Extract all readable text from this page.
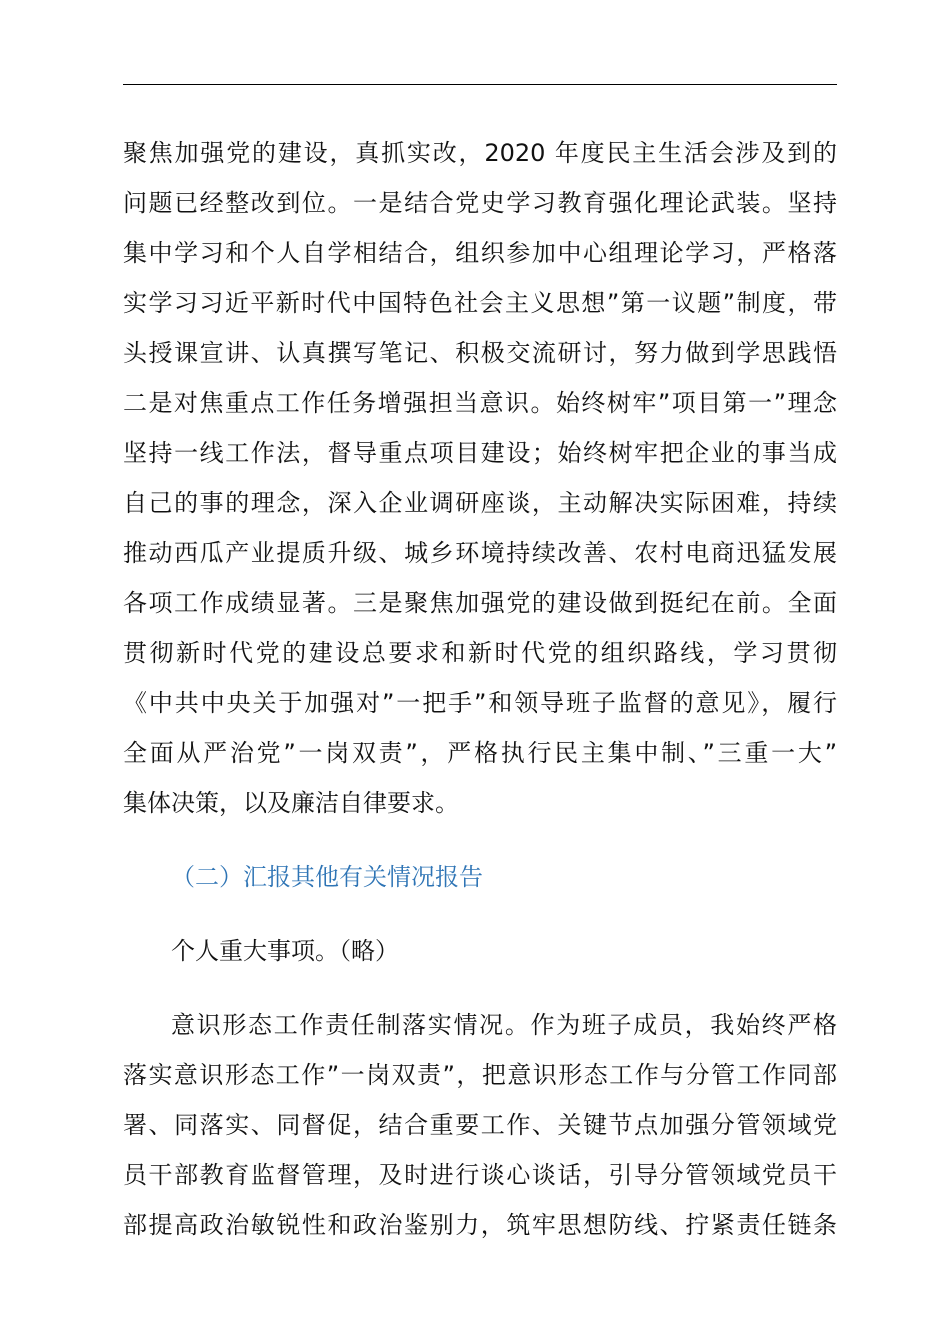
聚焦加强党的建设，真抓实改，2020 年度民主生活会涉及到的
问题已经整改到位。一是结合党史学习教育强化理论武装。坚持
集中学习和个人自学相结合，组织参加中心组理论学习，严格落
实学习习近平新时代中国特色社会主义思想”第一议题”制度，带
头授课宣讲、认真撰写笔记、积极交流研讨，努力做到学思践悟
二是对焦重点工作任务增强担当意识。始终树牢”项目第一”理念
坚持一线工作法，督导重点项目建设；始终树牢把企业的事当成
自己的事的理念，深入企业调研座谈，主动解决实际困难，持续
推动西瓜产业提质升级、城乡环境持续改善、农村电商迅猛发展
各项工作成绩显著。三是聚焦加强党的建设做到挺纪在前。全面
贯彻新时代党的建设总要求和新时代党的组织路线，学习贯彻
《中共中央关于加强对”一把手”和领导班子监督的意见》，履行
全面从严治党”一岗双责”，严格执行民主集中制、”三重一大”
集体决策，以及廉洁自律要求。
（二）汇报其他有关情况报告
个人重大事项。（略）
意识形态工作责任制落实情况。作为班子成员，我始终严格
落实意识形态工作”一岗双责”，把意识形态工作与分管工作同部
署、同落实、同督促，结合重要工作、关键节点加强分管领域党
员干部教育监督管理，及时进行谈心谈话，引导分管领域党员干
部提高政治敏锐性和政治鉴别力，筑牢思想防线、拧紧责任链条
